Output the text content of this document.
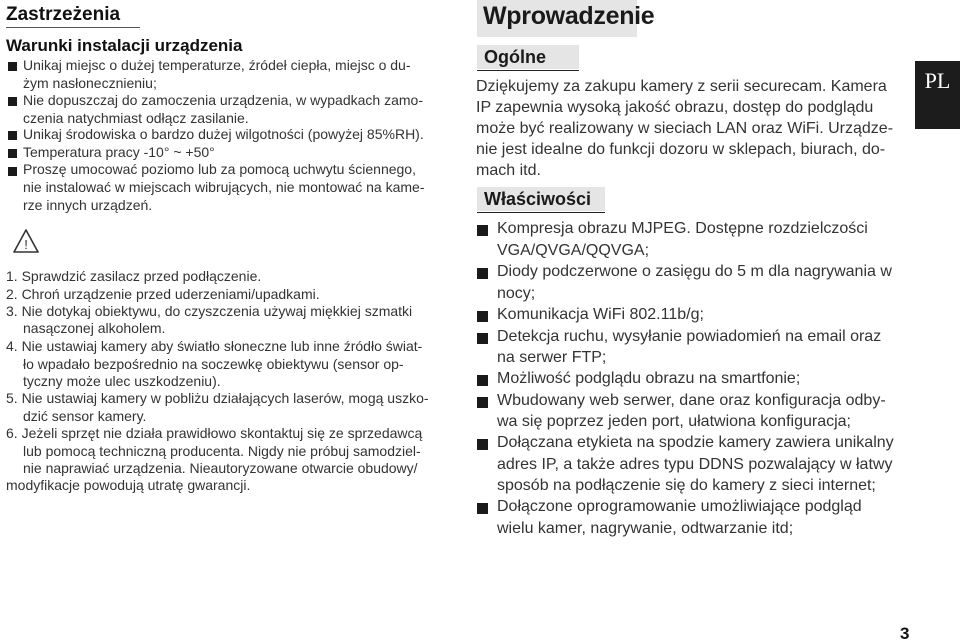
Zastrzeżenia
Warunki instalacji urządzenia
Unikaj miejsc o dużej temperaturze, źródeł ciepła, miejsc o du-
żym nasłonecznieniu;
Nie dopuszczaj do zamoczenia urządzenia, w wypadkach zamo-
czenia natychmiast odłącz zasilanie.
Unikaj środowiska o bardzo dużej wilgotności (powyżej 85%RH).
Temperatura pracy -10° ~ +50°
Proszę umocować poziomo lub za pomocą uchwytu ściennego,
nie instalować w miejscach wibrujących, nie montować na kame-
rze innych urządzeń.
!
1. Sprawdzić zasilacz przed podłączenie.
2. Chroń urządzenie przed uderzeniami/upadkami.
3. Nie dotykaj obiektywu, do czyszczenia używaj miękkiej szmatki
nasączonej alkoholem.
4. Nie ustawiaj kamery aby światło słoneczne lub inne źródło świat-
ło wpadało bezpośrednio na soczewkę obiektywu (sensor op-
tyczny może ulec uszkodzeniu).
5. Nie ustawiaj kamery w pobliżu działających laserów, mogą uszko-
dzić sensor kamery.
6. Jeżeli sprzęt nie działa prawidłowo skontaktuj się ze sprzedawcą
lub pomocą techniczną producenta. Nigdy nie próbuj samodziel-
nie naprawiać urządzenia. Nieautoryzowane otwarcie obudowy/
modyfikacje powodują utratę gwarancji.
Wprowadzenie
Ogólne
Dziękujemy za zakupu kamery z serii securecam. Kamera
IP zapewnia wysoką jakość obrazu, dostęp do podglądu
może być realizowany w sieciach LAN oraz WiFi. Urządze-
nie jest idealne do funkcji dozoru w sklepach, biurach, do-
mach itd.
Właściwości
Kompresja obrazu MJPEG. Dostępne rozdzielczości
VGA/QVGA/QQVGA;
Diody podczerwone o zasięgu do 5 m dla nagrywania w
nocy;
Komunikacja WiFi 802.11b/g;
Detekcja ruchu, wysyłanie powiadomień na email oraz
na serwer FTP;
Możliwość podglądu obrazu na smartfonie;
Wbudowany web serwer, dane oraz konfiguracja odby-
wa się poprzez jeden port, ułatwiona konfiguracja;
Dołączana etykieta na spodzie kamery zawiera unikalny
adres IP, a także adres typu DDNS pozwalający w łatwy
sposób na podłączenie się do kamery z sieci internet;
Dołączone oprogramowanie umożliwiające podgląd
wielu kamer, nagrywanie, odtwarzanie itd;
PL
3
